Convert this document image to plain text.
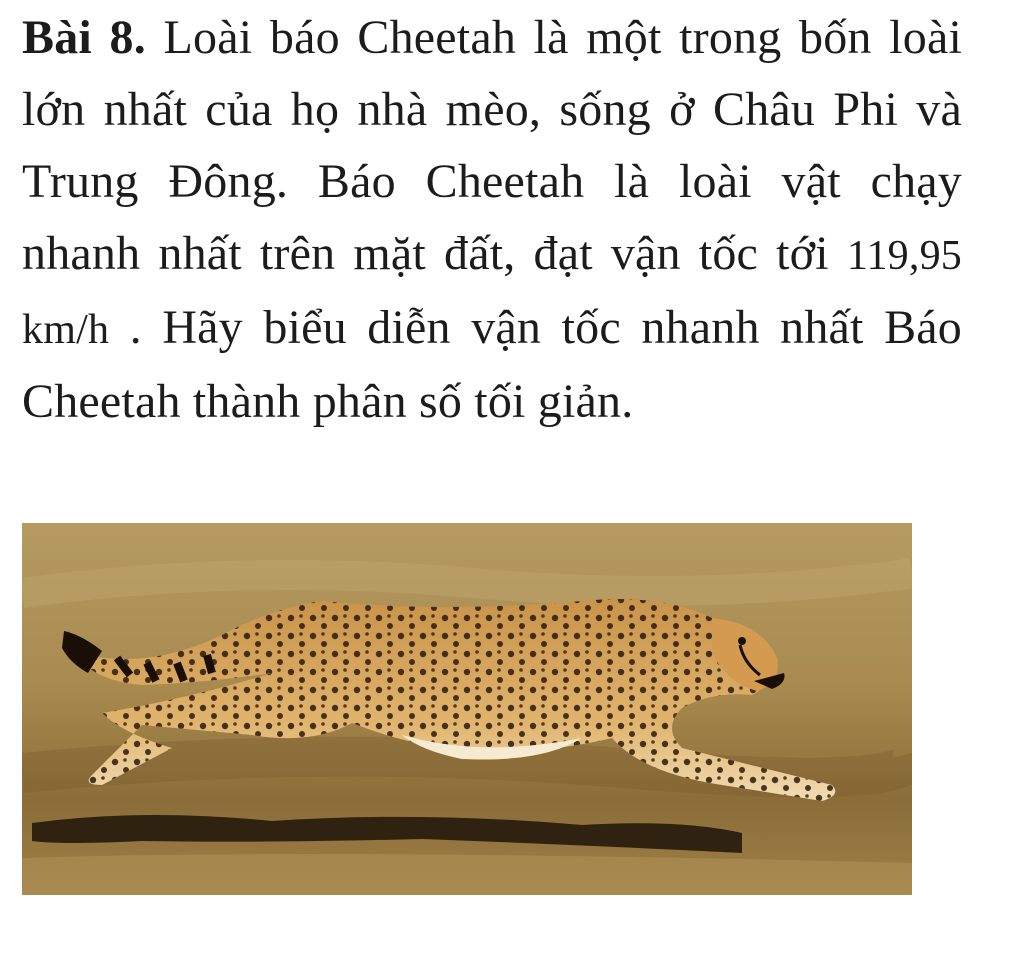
Bài 8. Loài báo Cheetah là một trong bốn loài lớn nhất của họ nhà mèo, sống ở Châu Phi và Trung Đông. Báo Cheetah là loài vật chạy nhanh nhất trên mặt đất, đạt vận tốc tới 119,95 km/h . Hãy biểu diễn vận tốc nhanh nhất Báo Cheetah thành phân số tối giản.
